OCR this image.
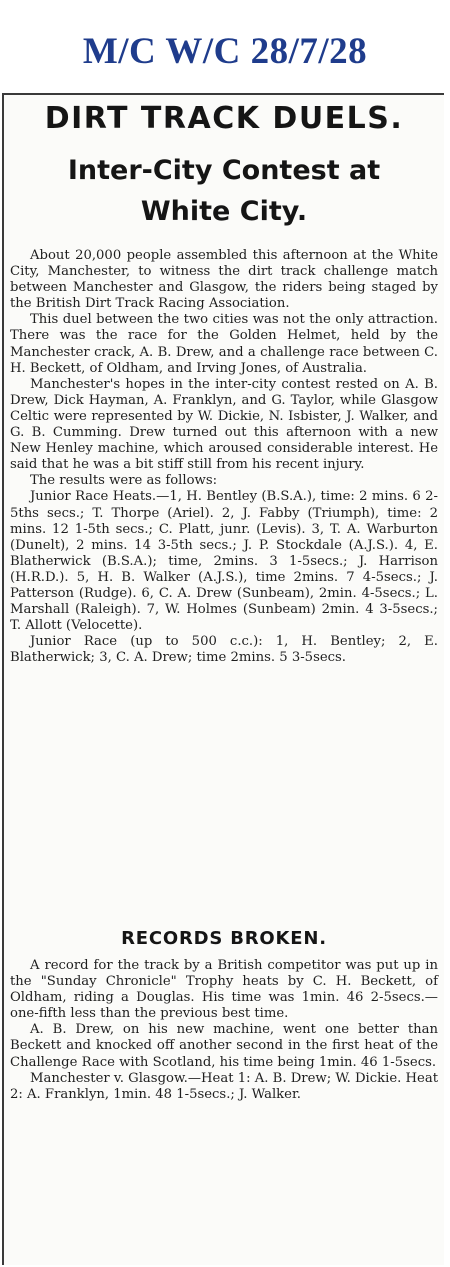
M/C W/C 28/7/28
DIRT TRACK DUELS.
Inter-City Contest at
White City.

About 20,000 people assembled this afternoon at the White City, Manchester, to witness the dirt track challenge match between Manchester and Glasgow, the riders being staged by the British Dirt Track Racing Association.

This duel between the two cities was not the only attraction. There was the race for the Golden Helmet, held by the Manchester crack, A. B. Drew, and a challenge race between C. H. Beckett, of Oldham, and Irving Jones, of Australia.

Manchester's hopes in the inter-city contest rested on A. B. Drew, Dick Hayman, A. Franklyn, and G. Taylor, while Glasgow Celtic were represented by W. Dickie, N. Isbister, J. Walker, and G. B. Cumming. Drew turned out this afternoon with a new New Henley machine, which aroused considerable interest. He said that he was a bit stiff still from his recent injury.

The results were as follows:

Junior Race Heats.—1, H. Bentley (B.S.A.), time: 2 mins. 6 2-5ths secs.; T. Thorpe (Ariel). 2, J. Fabby (Triumph), time: 2 mins. 12 1-5th secs.; C. Platt, junr. (Levis). 3, T. A. Warburton (Dunelt), 2 mins. 14 3-5th secs.; J. P. Stockdale (A.J.S.). 4, E. Blatherwick (B.S.A.); time, 2mins. 3 1-5secs.; J. Harrison (H.R.D.). 5, H. B. Walker (A.J.S.), time 2mins. 7 4-5secs.; J. Patterson (Rudge). 6, C. A. Drew (Sunbeam), 2min. 4-5secs.; L. Marshall (Raleigh). 7, W. Holmes (Sunbeam) 2min. 4 3-5secs.; T. Allott (Velocette).

Junior Race (up to 500 c.c.): 1, H. Bentley; 2, E. Blatherwick; 3, C. A. Drew; time 2mins. 5 3-5secs.

RECORDS BROKEN.

A record for the track by a British competitor was put up in the "Sunday Chronicle" Trophy heats by C. H. Beckett, of Oldham, riding a Douglas. His time was 1min. 46 2-5secs.—one-fifth less than the previous best time.

A. B. Drew, on his new machine, went one better than Beckett and knocked off another second in the first heat of the Challenge Race with Scotland, his time being 1min. 46 1-5secs.

Manchester v. Glasgow.—Heat 1: A. B. Drew; W. Dickie. Heat 2: A. Franklyn, 1min. 48 1-5secs.; J. Walker.
